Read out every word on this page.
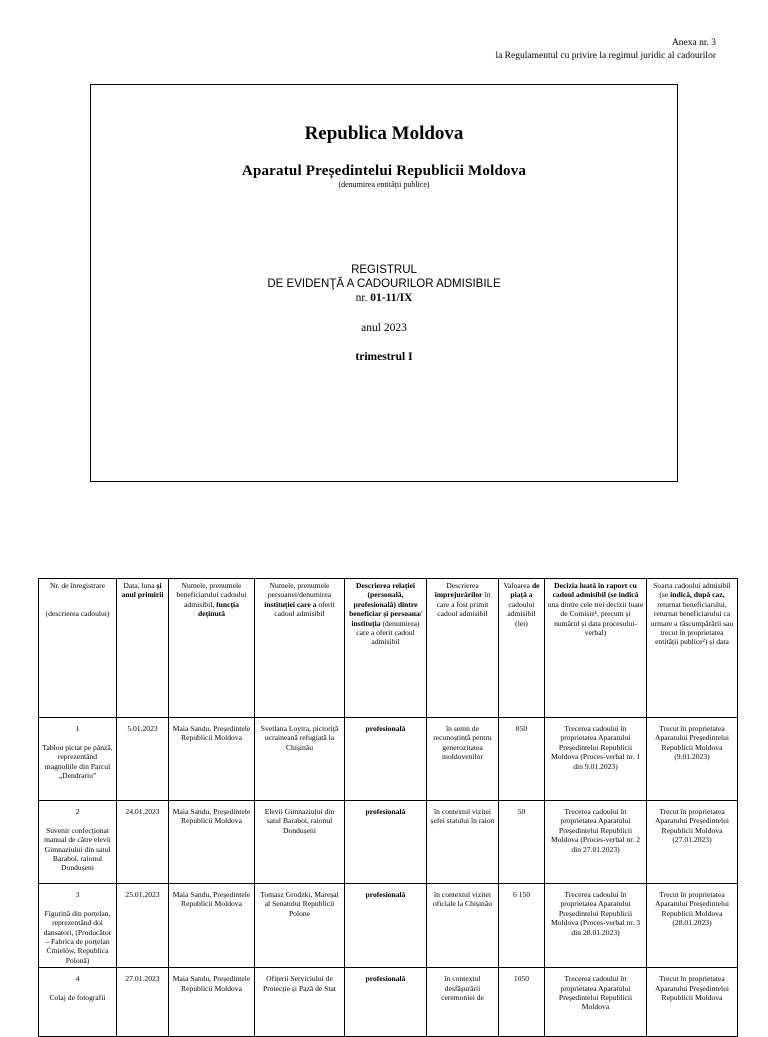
Anexa nr. 3
la Regulamentul cu privire la regimul juridic al cadourilor
Republica Moldova
Aparatul Președintelui Republicii Moldova
(denumirea entității publice)
REGISTRUL
DE EVIDENŢĂ A CADOURILOR ADMISIBILE
nr. 01-11/IX
anul 2023
trimestrul I
Nr. de înregistrare

(descrierea cadoului)	Data, luna și anul primirii	Numele, prenumele beneficiarului cadoului admisibil, funcția deținută	Numele, prenumele persoanei/denumirea instituției care a oferit cadoul admisibil	Descrierea relației (personală, profesională) dintre beneficiar și persoana/ instituția (denumirea) care a oferit cadoul admisibil	Descrierea împrejurărilor în care a fost primit cadoul admisibil	Valoarea de piață a cadoului admisibil (lei)	Decizia luată în raport cu cadoul admisibil (se indică una dintre cele trei decizii luate de Comisie¹, precum și numărul și data procesului-verbal)	Soarta cadoului admisibil (se indică, după caz, returnat beneficiarului, returnat beneficiarului ca urmare a răscumpărării sau trecut în proprietatea entității publice²) și data

1

Tablou pictat pe pânză, reprezentând magnoliile din Parcul „Dendrariu”	5.01.2023	Maia Sandu, Președintele Republicii Moldova	Svetlana Loytra, pictoriță ucraineană refugiată la Chișinău	profesională	în semn de recunoștință pentru generozitatea moldovenilor	850	Trecerea cadoului în proprietatea Aparatului Președintelui Republicii Moldova (Proces-verbal nr. 1 din 9.01.2023)	Trecut în proprietatea Aparatului Președintelui Republicii Moldova (9.01.2023)

2

Suvenir confecționat manual de către elevii Gimnaziului din satul Baraboi, raionul Dondușeni	24.01.2023	Maia Sandu, Președintele Republicii Moldova	Elevii Gimnaziului din satul Baraboi, raionul Dondușeni	profesională	în contextul vizitei șefei statului în raion	50	Trecerea cadoului în proprietatea Aparatului Președintelui Republicii Moldova (Proces-verbal nr. 2 din 27.01.2023)	Trecut în proprietatea Aparatului Președintelui Republicii Moldova (27.01.2023)

3

Figurină din porțelan, reprezentând doi dansatori, (Producător – Fabrica de porțelan Ćmielów, Republica Polonă)	25.01.2023	Maia Sandu, Președintele Republicii Moldova	Tomasz Grodzki, Mareșal al Senatului Republicii Polone	profesională	în contextul vizitei oficiale la Chișinău	6 150	Trecerea cadoului în proprietatea Aparatului Președintelui Republicii Moldova (Proces-verbal nr. 3 din 28.01.2023)	Trecut în proprietatea Aparatului Președintelui Republicii Moldova (28.01.2023)

4

Colaj de fotografii	27.01.2023	Maia Sandu, Președintele Republicii Moldova	Ofițerii Serviciului de Protecție și Pază de Stat	profesională	în contextul desfășurării ceremoniei de	1050	Trecerea cadoului în proprietatea Aparatului Președintelui Republicii Moldova	Trecut în proprietatea Aparatului Președintelui Republicii Moldova
